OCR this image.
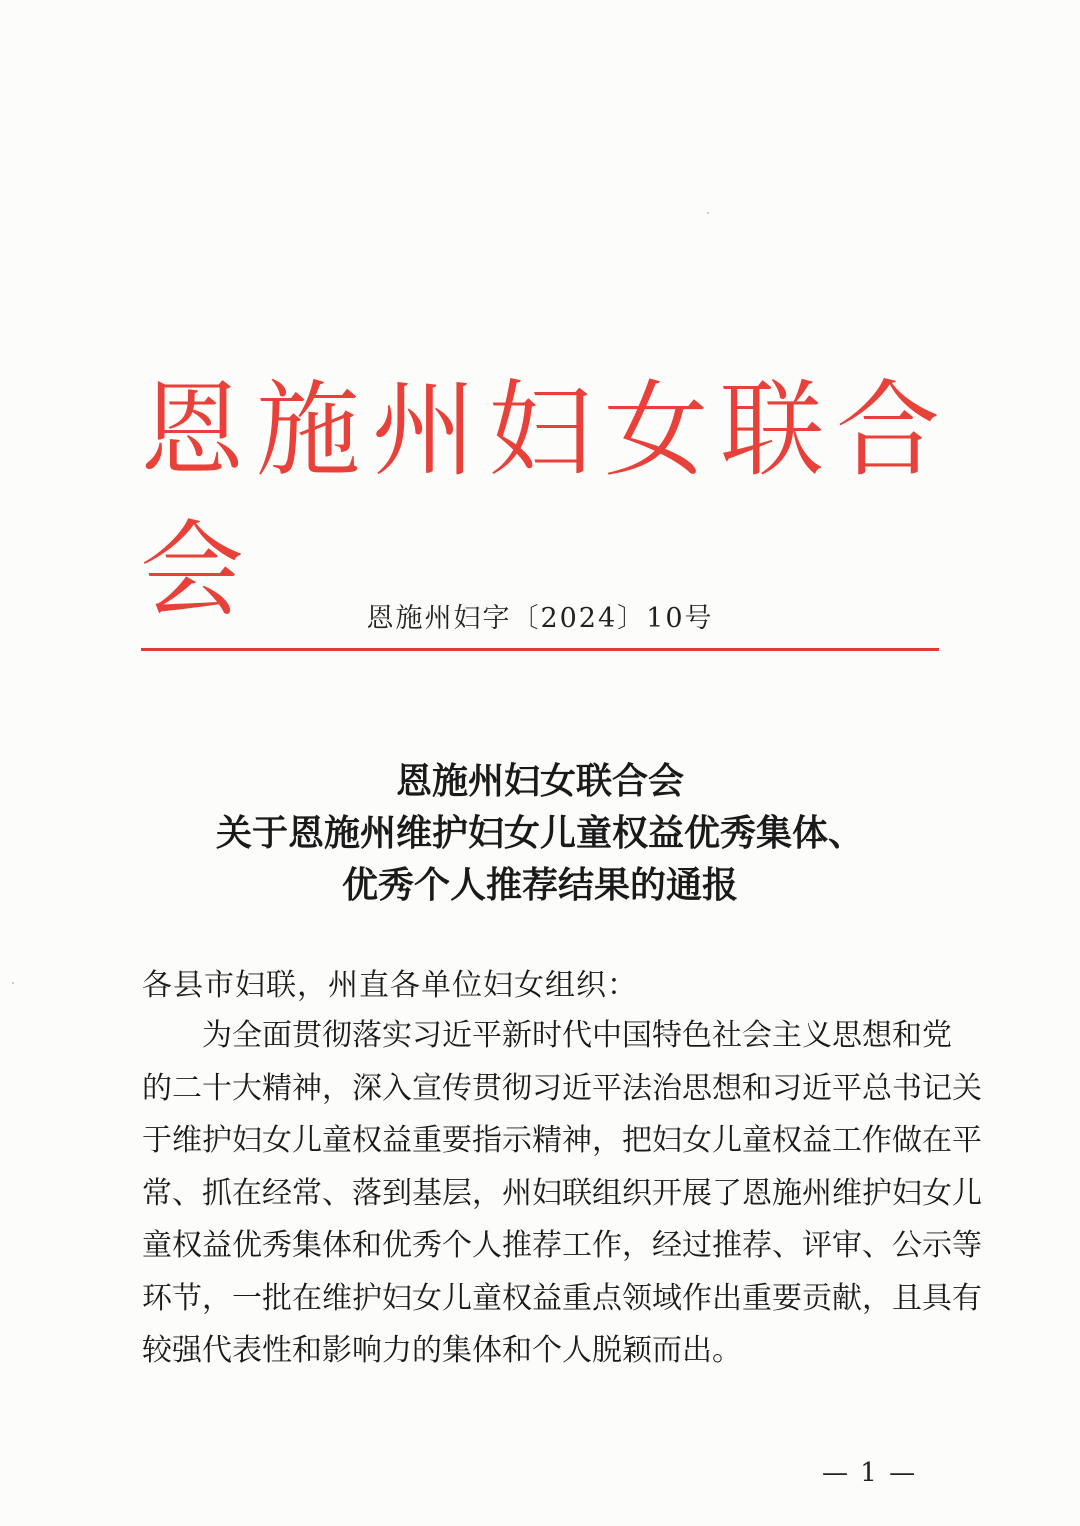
恩施州妇女联合会	恩施州妇字〔2024〕10号
恩施州妇女联合会
关于恩施州维护妇女儿童权益优秀集体、
优秀个人推荐结果的通报
各县市妇联，州直各单位妇女组织：
为全面贯彻落实习近平新时代中国特色社会主义思想和党
的二十大精神，深入宣传贯彻习近平法治思想和习近平总书记关
于维护妇女儿童权益重要指示精神，把妇女儿童权益工作做在平
常、抓在经常、落到基层，州妇联组织开展了恩施州维护妇女儿
童权益优秀集体和优秀个人推荐工作，经过推荐、评审、公示等
环节，一批在维护妇女儿童权益重点领域作出重要贡献，且具有
较强代表性和影响力的集体和个人脱颖而出。
— 1 —
